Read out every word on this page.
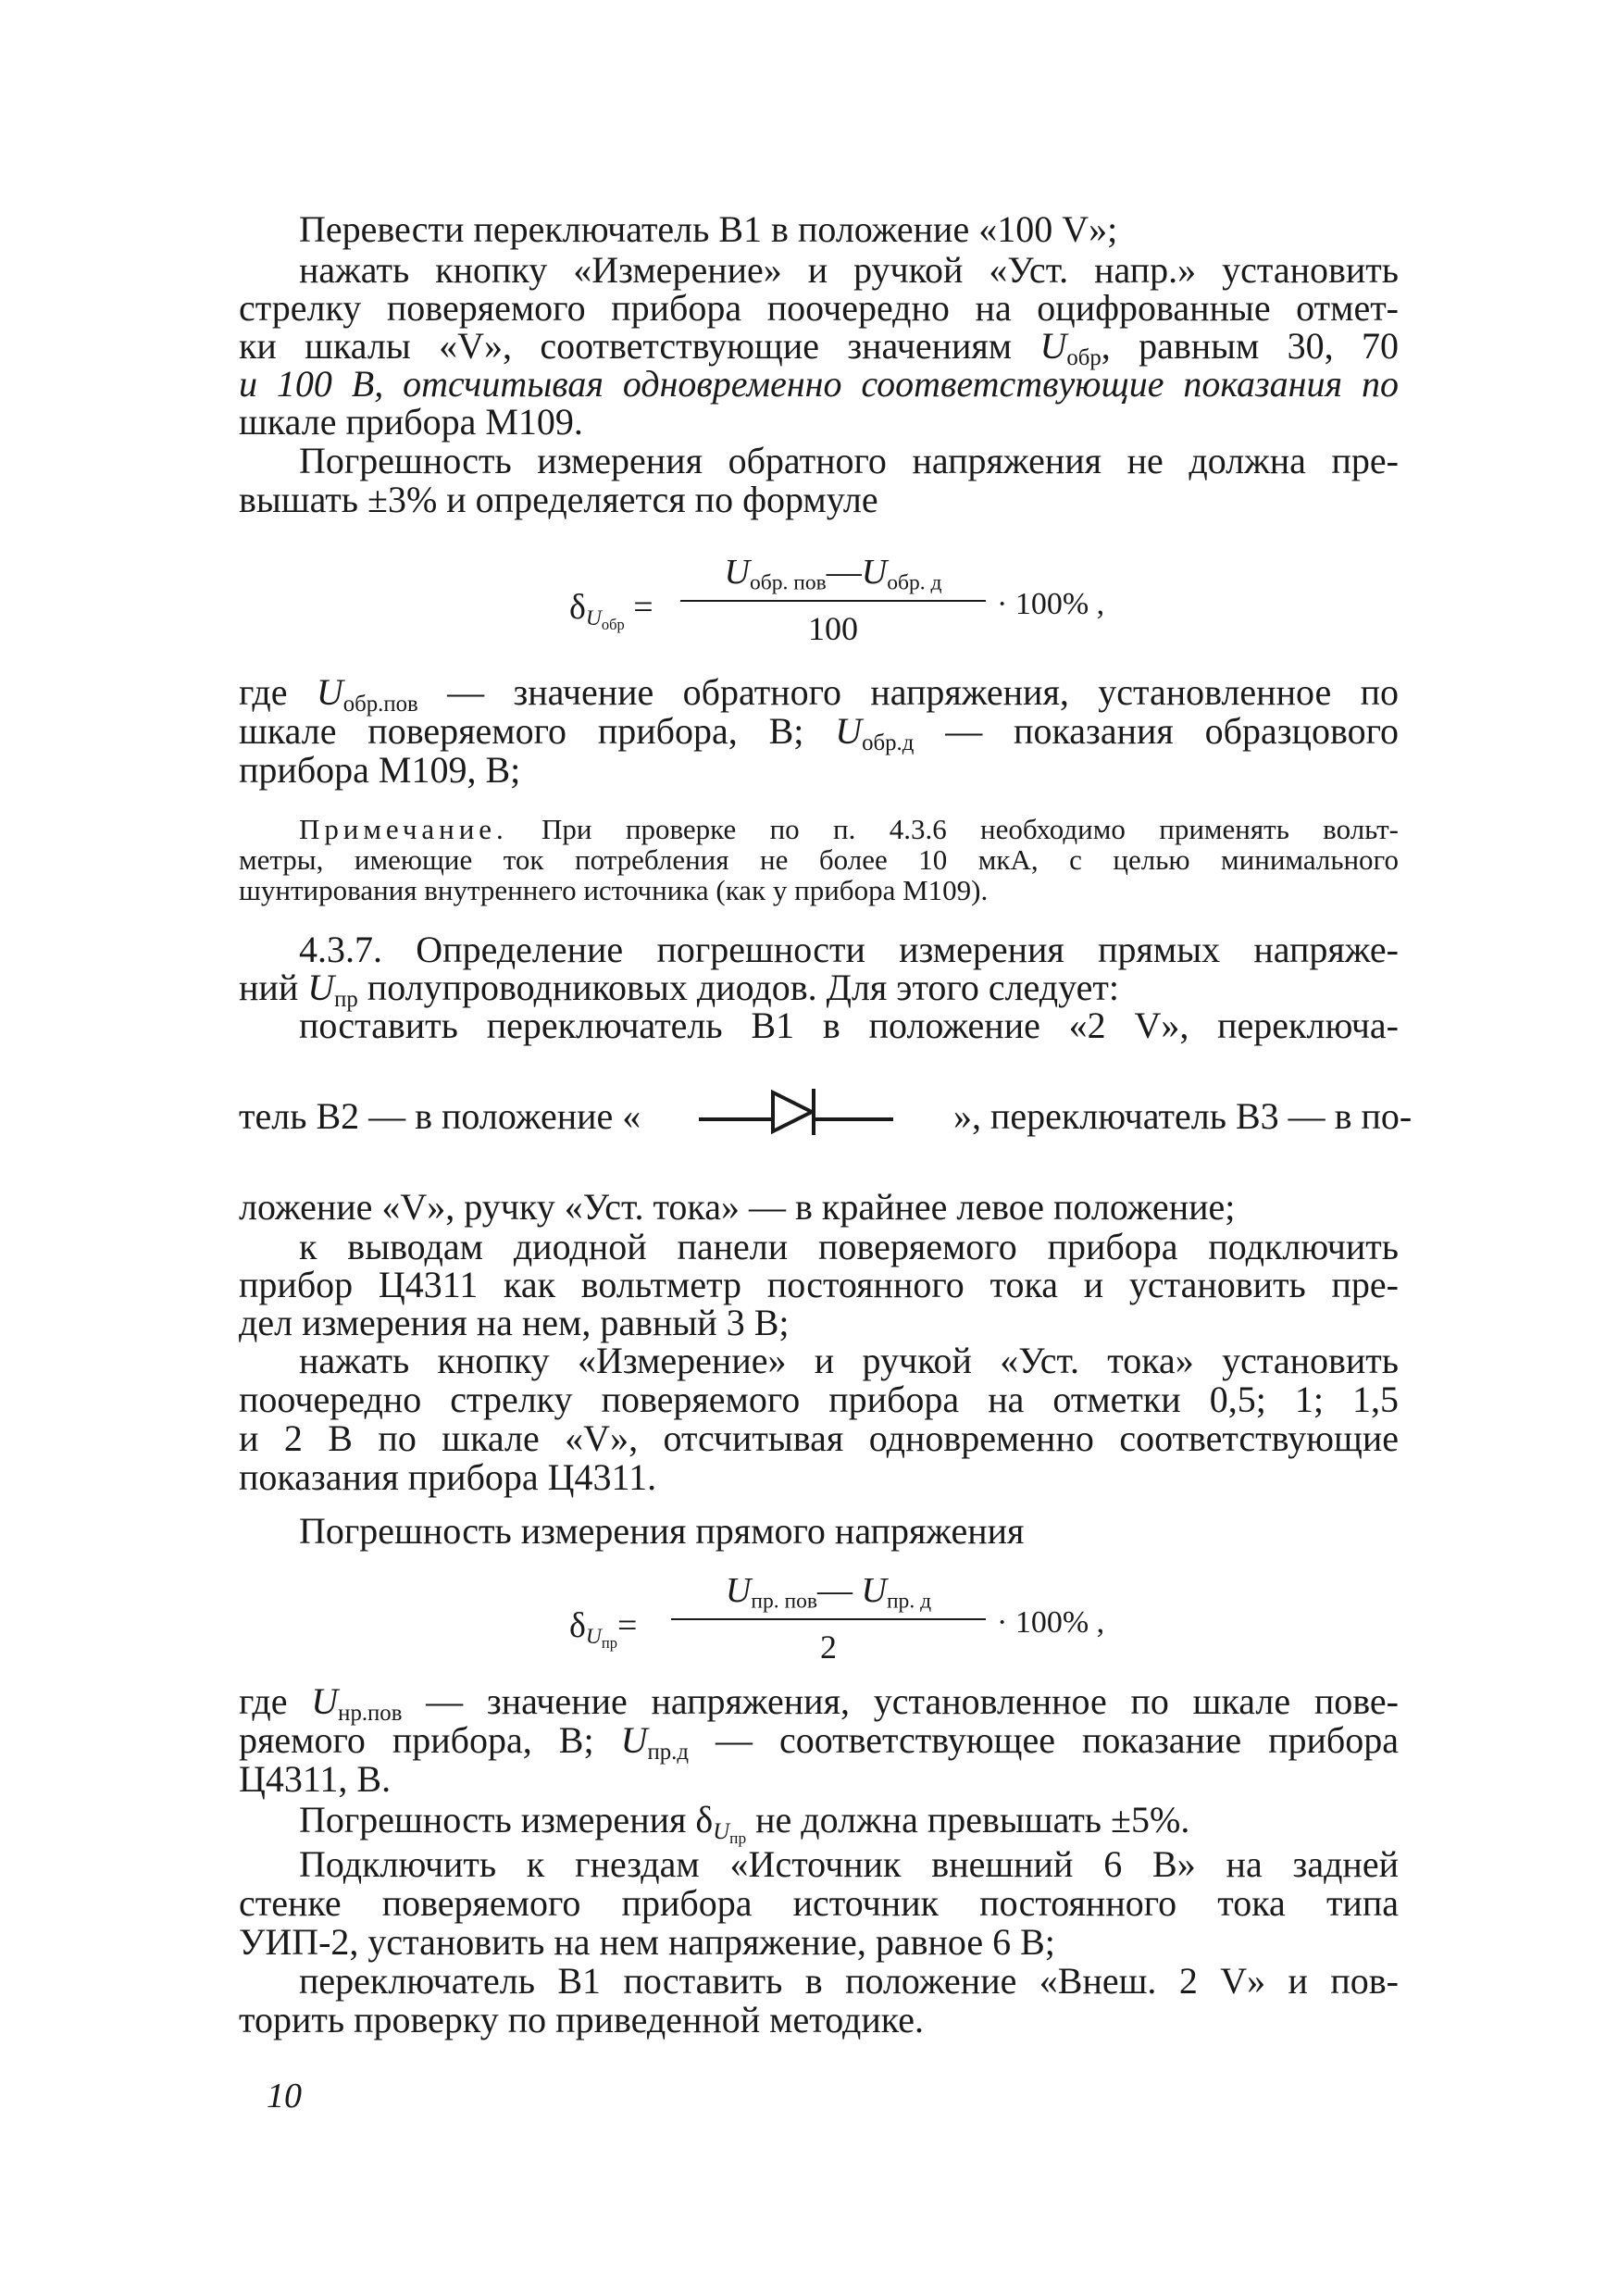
Перевести переключатель В1 в положение «100 V»;
нажать кнопку «Измерение» и ручкой «Уст. напр.» установить
стрелку поверяемого прибора поочередно на оцифрованные отмет-
ки шкалы «V», соответствующие значениям $U_{обр}$, равным 30, 70
и 100 В, отсчитывая одновременно соответствующие показания по
шкале прибора М109.
Погрешность измерения обратного напряжения не должна пре-
вышать ±3% и определяется по формуле
$\delta_{U_{обр}}$ =
$U_{обр. пов}—U_{обр. д}$
100
· 100% ,
где $U_{обр.пов}$ — значение обратного напряжения, установленное по
шкале поверяемого прибора, В; $U_{обр.д}$ — показания образцового
прибора М109, В;
Примечание. При проверке по п. 4.3.6 необходимо применять вольт-
метры, имеющие ток потребления не более 10 мкА, с целью минимального
шунтирования внутреннего источника (как у прибора М109).
4.3.7. Определение погрешности измерения прямых напряже-
ний $U_{пр}$ полупроводниковых диодов. Для этого следует:
поставить переключатель В1 в положение «2 V», переключа-
тель В2 — в положение «	», переключатель В3 — в по-
ложение «V», ручку «Уст. тока» — в крайнее левое положение;
к выводам диодной панели поверяемого прибора подключить
прибор Ц4311 как вольтметр постоянного тока и установить пре-
дел измерения на нем, равный 3 В;
нажать кнопку «Измерение» и ручкой «Уст. тока» установить
поочередно стрелку поверяемого прибора на отметки 0,5; 1; 1,5
и 2 В по шкале «V», отсчитывая одновременно соответствующие
показания прибора Ц4311.
Погрешность измерения прямого напряжения
$\delta_{U_{пр}}=$
$U_{пр. пов}—$ $U_{пр. д}$
2
· 100% ,
где $U_{нр.пов}$ — значение напряжения, установленное по шкале пове-
ряемого прибора, В; $U_{пр.д}$ — соответствующее показание прибора
Ц4311, В.
Погрешность измерения $\delta_{U_{пр}}$ не должна превышать ±5%.
Подключить к гнездам «Источник внешний 6 В» на задней
стенке поверяемого прибора источник постоянного тока типа
УИП-2, установить на нем напряжение, равное 6 В;
переключатель В1 поставить в положение «Внеш. 2 V» и пов-
торить проверку по приведенной методике.
10
